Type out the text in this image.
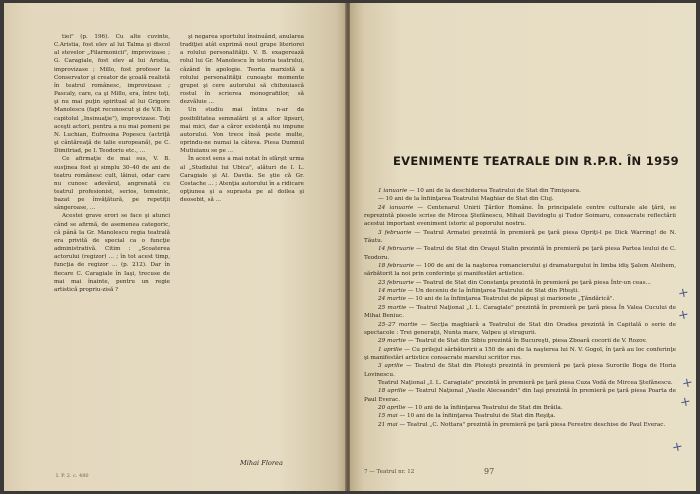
tiei" (p. 196). Cu alte cuvinte, C.Aristia, fost elev al lui Talma şi discol al stevelor „Filarmonicii", improvizase ; G. Caragiale, fost elev al lui Aristia, improvizase ; Millo, fost profesor la Conservator şi creator de şcoală realistă în teatrul românesc, improvizase ; Pascaly, care, ca şi Millo, era, între toţi, şi nu mai puţin spiritual al lui Grigore Manolescu (fapt recunoscut şi de V.B. în capitolul „Insinuaţie"), improvizase. Toţi aceşti actori, pentru a nu mai pomeni pe N. Luchian, Eufrosina Popescu (actriţă şi cântăreaţă de talie europeană), pe C. Dimitriad, pe I. Teodoriu etc., ...

Ce afirmaţie de mai sus, V. B. susţinea fost şi simplu 30–40 de ani de teatru românesc cult, lâinui, odar care nu cunosc adevărul, angrenată cu teatrul profesionist, serios, temeinic, bazat pe învăţătură, pe repetiţii sângeroase, ...

Acestei grave erori se face şi atunci când se afirmă, de asemenea categoric, că până la Gr. Manolescu regia teatrală era privită de special ca o funcţie administrativă. Citim : „Scoaterea actorului (regizor) ... ; în tot acest timp, funcţia de regizor ... (p. 212). Dar în fiecare C. Caragiale în Iaşi, trecuse de mai mai înainte, pentru un regie artistică propriu-zisă ?

şi negarea sportului însinuând, anularea tradiţiei atât exprimă noul grupe literiorei a rolului personalităţii. V. B. exagerează rolul lui Gr. Manolescu în istoria teatrului, căzând în apologie. Teoria marxistă a rolului personalităţii cunoaşte momente grupei şi cere autorului să chibzuiască rostul în scrierea monografiilor, să dezvăluie ...

Un studiu mai întins n-ar da posibilitatea semnalării şi a altor lipsuri, mai mici, dar a căror existenţă nu impune autorului. Von trece însă peste multe, oprindu-ne numai la câteva. Piesa Dumnul Mutiuianu se pe ...

În acest sens a mai notat în sfârşit urma al „Studiului lui Ubica", alături de I. L. Caragiale şi Al. Davila. Se ştie că Gr. Costache ... ; Atenţia autorului în a ridicare opţiunea şi a suprasta pe al doilea şi deosebit, să ...

Mihai Florea
I. P. 2. c. 480
EVENIMENTE TEATRALE DIN R.P.R. ÎN 1959

1 ianuarie — 10 ani de la deschiderea Teatrului de Stat din Timişoara.

— 10 ani de la înfiinţarea Teatrului Maghiar de Stat din Cluj.

24 ianuarie — Centenarul Unirii Ţărilor Române. În principalele centre culturale ale ţării, se reprezintă piesele scrise de Mircea Ştefănescu, Mihail Davidoglu şi Tudor Soimaru, consacrate reflectării acestui important eveniment istoric al poporului nostru.

3 februarie — Teatrul Armatei prezintă în premieră pe ţară piesa Opriţi-l pe Dick Warring! de N. Tăutu.

14 februarie — Teatrul de Stat din Oraşul Stalin prezintă în premieră pe ţară piesa Partea leului de C. Teodoru.

18 februarie — 100 de ani de la naşterea romancierului şi dramaturgului în limba idiş Şalom Aleihem, sărbătorit la noi prin conferinţe şi manifestări artistice.

23 februarie — Teatrul de Stat din Constanţa prezintă în premieră pe ţară piesa Într-un ceas...

14 martie — Un deceniu de la înfiinţarea Teatrului de Stat din Piteşti.

24 martie — 10 ani de la înfiinţarea Teatrului de păpuşi şi marionete „Ţăndărică".

25 martie — Teatrul Naţional „I. L. Caragiale" prezintă în premieră pe ţară piesa În Valea Cucului de Mihai Beniuc.

25–27 martie — Secţia maghiară a Teatrului de Stat din Oradea prezintă în Capitală o serie de spectacole : Trei generaţii, Nunta mare, Valpeu şi strugurii.

29 martie — Teatrul de Stat din Sibiu prezintă în Bucureşti, piesa Zboară cocorii de V. Rozov.

1 aprilie — Cu prilejul sărbătoririi a 150 de ani de la naşterea lui N. V. Gogol, în ţară au loc conferinţe şi manifestări artistice consacrate marelui scriitor rus.

3 aprilie — Teatrul de Stat din Ploieşti prezintă în premieră pe ţară piesa Surorile Boga de Horia Lovinescu.

Teatrul Naţional „I. L. Caragiale" prezintă în premieră pe ţară piesa Cuza Vodă de Mircea Ştefănescu.

18 aprilie — Teatrul Naţional „Vasile Alecsandri" din Iaşi prezintă în premieră pe ţară piesa Poarta de Paul Everac.

20 aprilie — 10 ani de la înfiinţarea Teatrului de Stat din Brăila.

15 mai — 10 ani de la înfiinţarea Teatrului de Stat din Reşiţa.

21 mai — Teatrul „C. Nottara" prezintă în premieră pe ţară piesa Ferestre deschise de Paul Everac.

7 — Teatrul nr. 12	97
+
+
+
+
+
